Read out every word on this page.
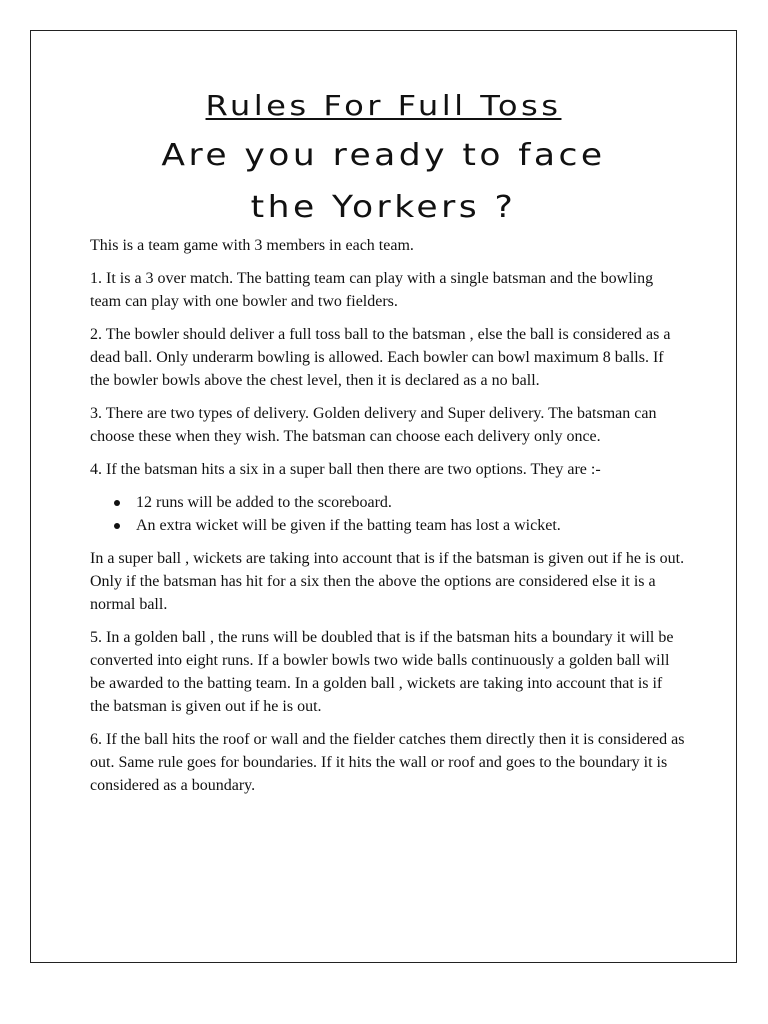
Rules For Full Toss
Are you ready to face
the Yorkers ?

This is a team game with 3 members in each team.

1. It is a 3 over match. The batting team can play with a single batsman and the bowling team can play with one bowler and two fielders.

2. The bowler should deliver a full toss ball to the batsman , else the ball is considered as a dead ball. Only underarm bowling is allowed. Each bowler can bowl maximum 8 balls. If the bowler bowls above the chest level, then it is declared as a no ball.

3. There are two types of delivery. Golden delivery and Super delivery. The batsman can choose these when they wish. The batsman can choose each delivery only once.

4. If the batsman hits a six in a super ball then there are two options. They are :-

12 runs will be added to the scoreboard.
An extra wicket will be given if the batting team has lost a wicket.

In a super ball , wickets are taking into account that is if the batsman is given out if he is out. Only if the batsman has hit for a six then the above the options are considered else it is a normal ball.

5. In a golden ball , the runs will be doubled that is if the batsman hits a boundary it will be converted into eight runs. If a bowler bowls two wide balls continuously a golden ball will be awarded to the batting team. In a golden ball , wickets are taking into account that is if the batsman is given out if he is out.

6. If the ball hits the roof or wall and the fielder catches them directly then it is considered as out. Same rule goes for boundaries. If it hits the wall or roof and goes to the boundary it is considered as a boundary.
